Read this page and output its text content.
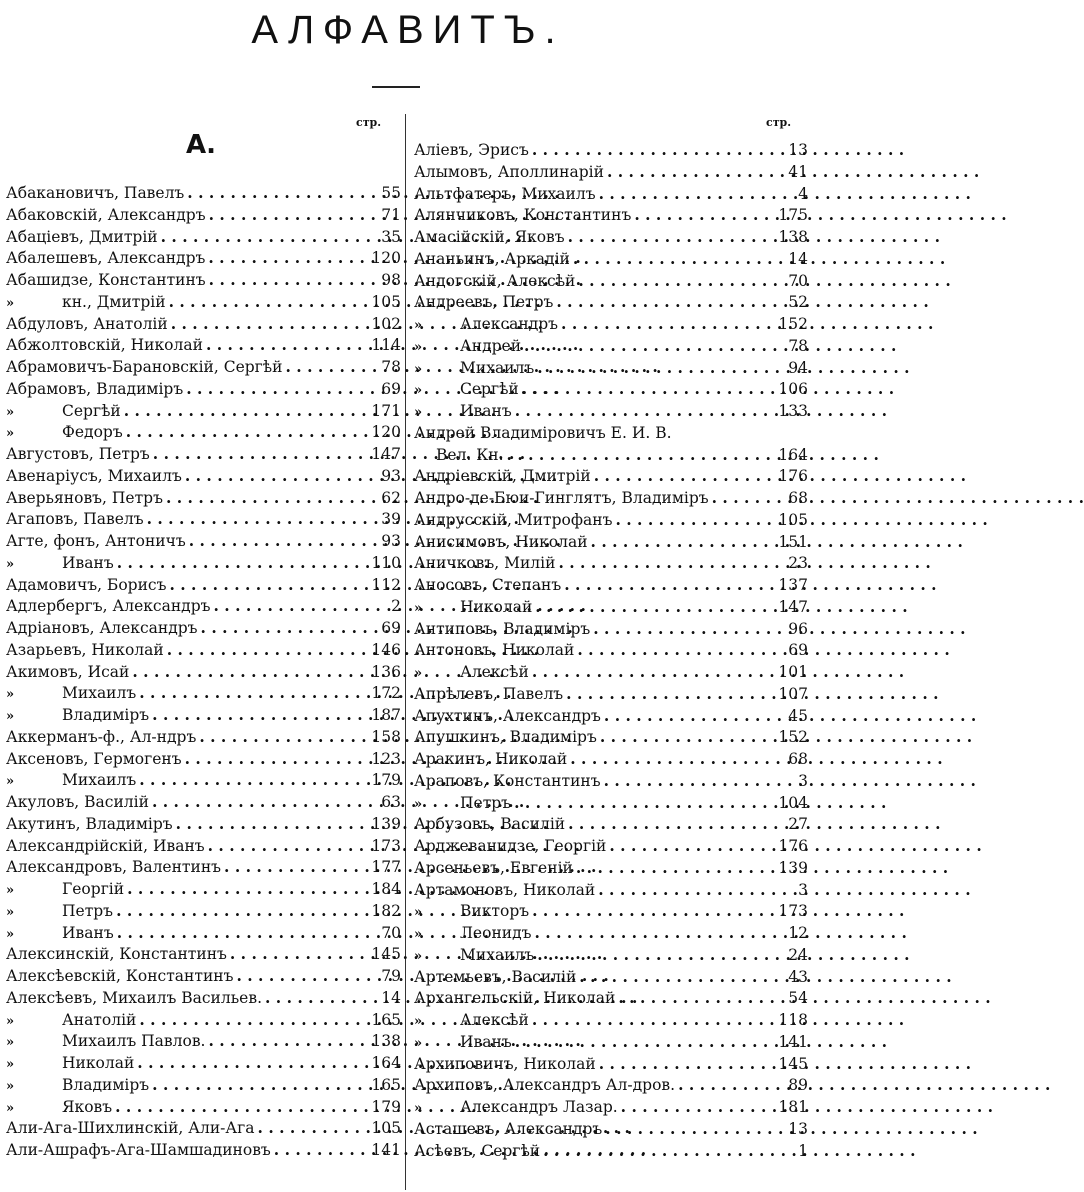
АЛФАВИТЪ.
стр.	стр.
А.
Абакановичъ, Павелъ . .	55
Абаковскій, Александръ . .	71
Абаціевъ, Дмитрій . .	35
Абалешевъ, Александръ . .	120
Абашидзе, Константинъ . .	98
»	кн., Дмитрій . .	105
Абдуловъ, Анатолій . .	102
Абжолтовскій, Николай . .	114
Абрамовичъ-Барановскій, Сергѣй . .	78
Абрамовъ, Владиміръ . .	69
»	Сергѣй . .	171
»	Федоръ . .	120
Августовъ, Петръ . .	147
Авенаріусъ, Михаилъ . .	93
Аверьяновъ, Петръ . .	62
Агаповъ, Павелъ . .	39
Агте, фонъ, Антоничъ . .	93
»	Иванъ . .	110
Адамовичъ, Борисъ . .	112
Адлербергъ, Александръ . .	2
Адріановъ, Александръ . .	69
Азарьевъ, Николай . .	146
Акимовъ, Исай . .	136
»	Михаилъ . .	172
»	Владиміръ . .	187
Аккерманъ-ф., Ал-ндръ . .	158
Аксеновъ, Гермогенъ . .	123
»	Михаилъ . .	179
Акуловъ, Василій . .	63
Акутинъ, Владиміръ . .	139
Александрійскій, Иванъ . .	173
Александровъ, Валентинъ . .	177
»	Георгій . .	184
»	Петръ . .	182
»	Иванъ . .	70
Алексинскій, Константинъ . .	145
Алексѣевскій, Константинъ . .	79
Алексѣевъ, Михаилъ Васильев. . .	14
»	Анатолій . .	165
»	Михаилъ Павлов. . .	138
»	Николай . .	164
»	Владиміръ . .	165
»	Яковъ . .	179
Али-Ага-Шихлинскій, Али-Ага . .	105
Али-Ашрафъ-Ага-Шамшадиновъ . .	141
Аліевъ, Эрисъ . .	13
Алымовъ, Аполлинарій . .	41
Альтфатеръ, Михаилъ . .	4
Алянчиковъ, Константинъ . .	175
Амасійскій, Яковъ . .	138
Ананьинъ, Аркадій . .	14
Андогскій, Алексѣй . .	70
Андреевъ, Петръ . .	52
» Александръ . .	152
» Андрей . .	78
» Михаилъ . .	94
» Сергѣй . .	106
» Иванъ . .	133
Андрей Владиміровичъ Е. И. В.
Вел. Кн. . .	164
Андріевскій, Дмитрій . .	176
Андро-де-Бюи-Гинглятъ, Владиміръ . .	68
Андрусскій, Митрофанъ . .	105
Анисимовъ, Николай . .	151
Аничковъ, Милій . .	23
Аносовъ, Степанъ . .	137
» Николай . .	147
Антиповъ, Владиміръ . .	96
Антоновъ, Николай . .	69
» Алексѣй . .	101
Апрѣлевъ, Павелъ . .	107
Апухтинъ, Александръ . .	45
Апушкинъ, Владиміръ . .	152
Аракинъ, Николай . .	68
Араповъ, Константинъ . .	3
» Петръ . .	104
Арбузовъ, Василій . .	27
Арджеванидзе, Георгій . .	176
Арсеньевъ, Евгеній . .	139
Артамоновъ, Николай . .	3
» Викторъ . .	173
» Леонидъ . .	12
» Михаилъ . .	24
Артемьевъ, Василій . .	43
Архангельскій, Николай . .	54
» Алексѣй . .	118
» Иванъ . .	141
Архиповичъ, Николай . .	145
Архиповъ, Александръ Ал-дров. . .	89
» Александръ Лазар. . .	181
Асташевъ, Александръ . .	13
Асѣевъ, Сергѣй . .	1
